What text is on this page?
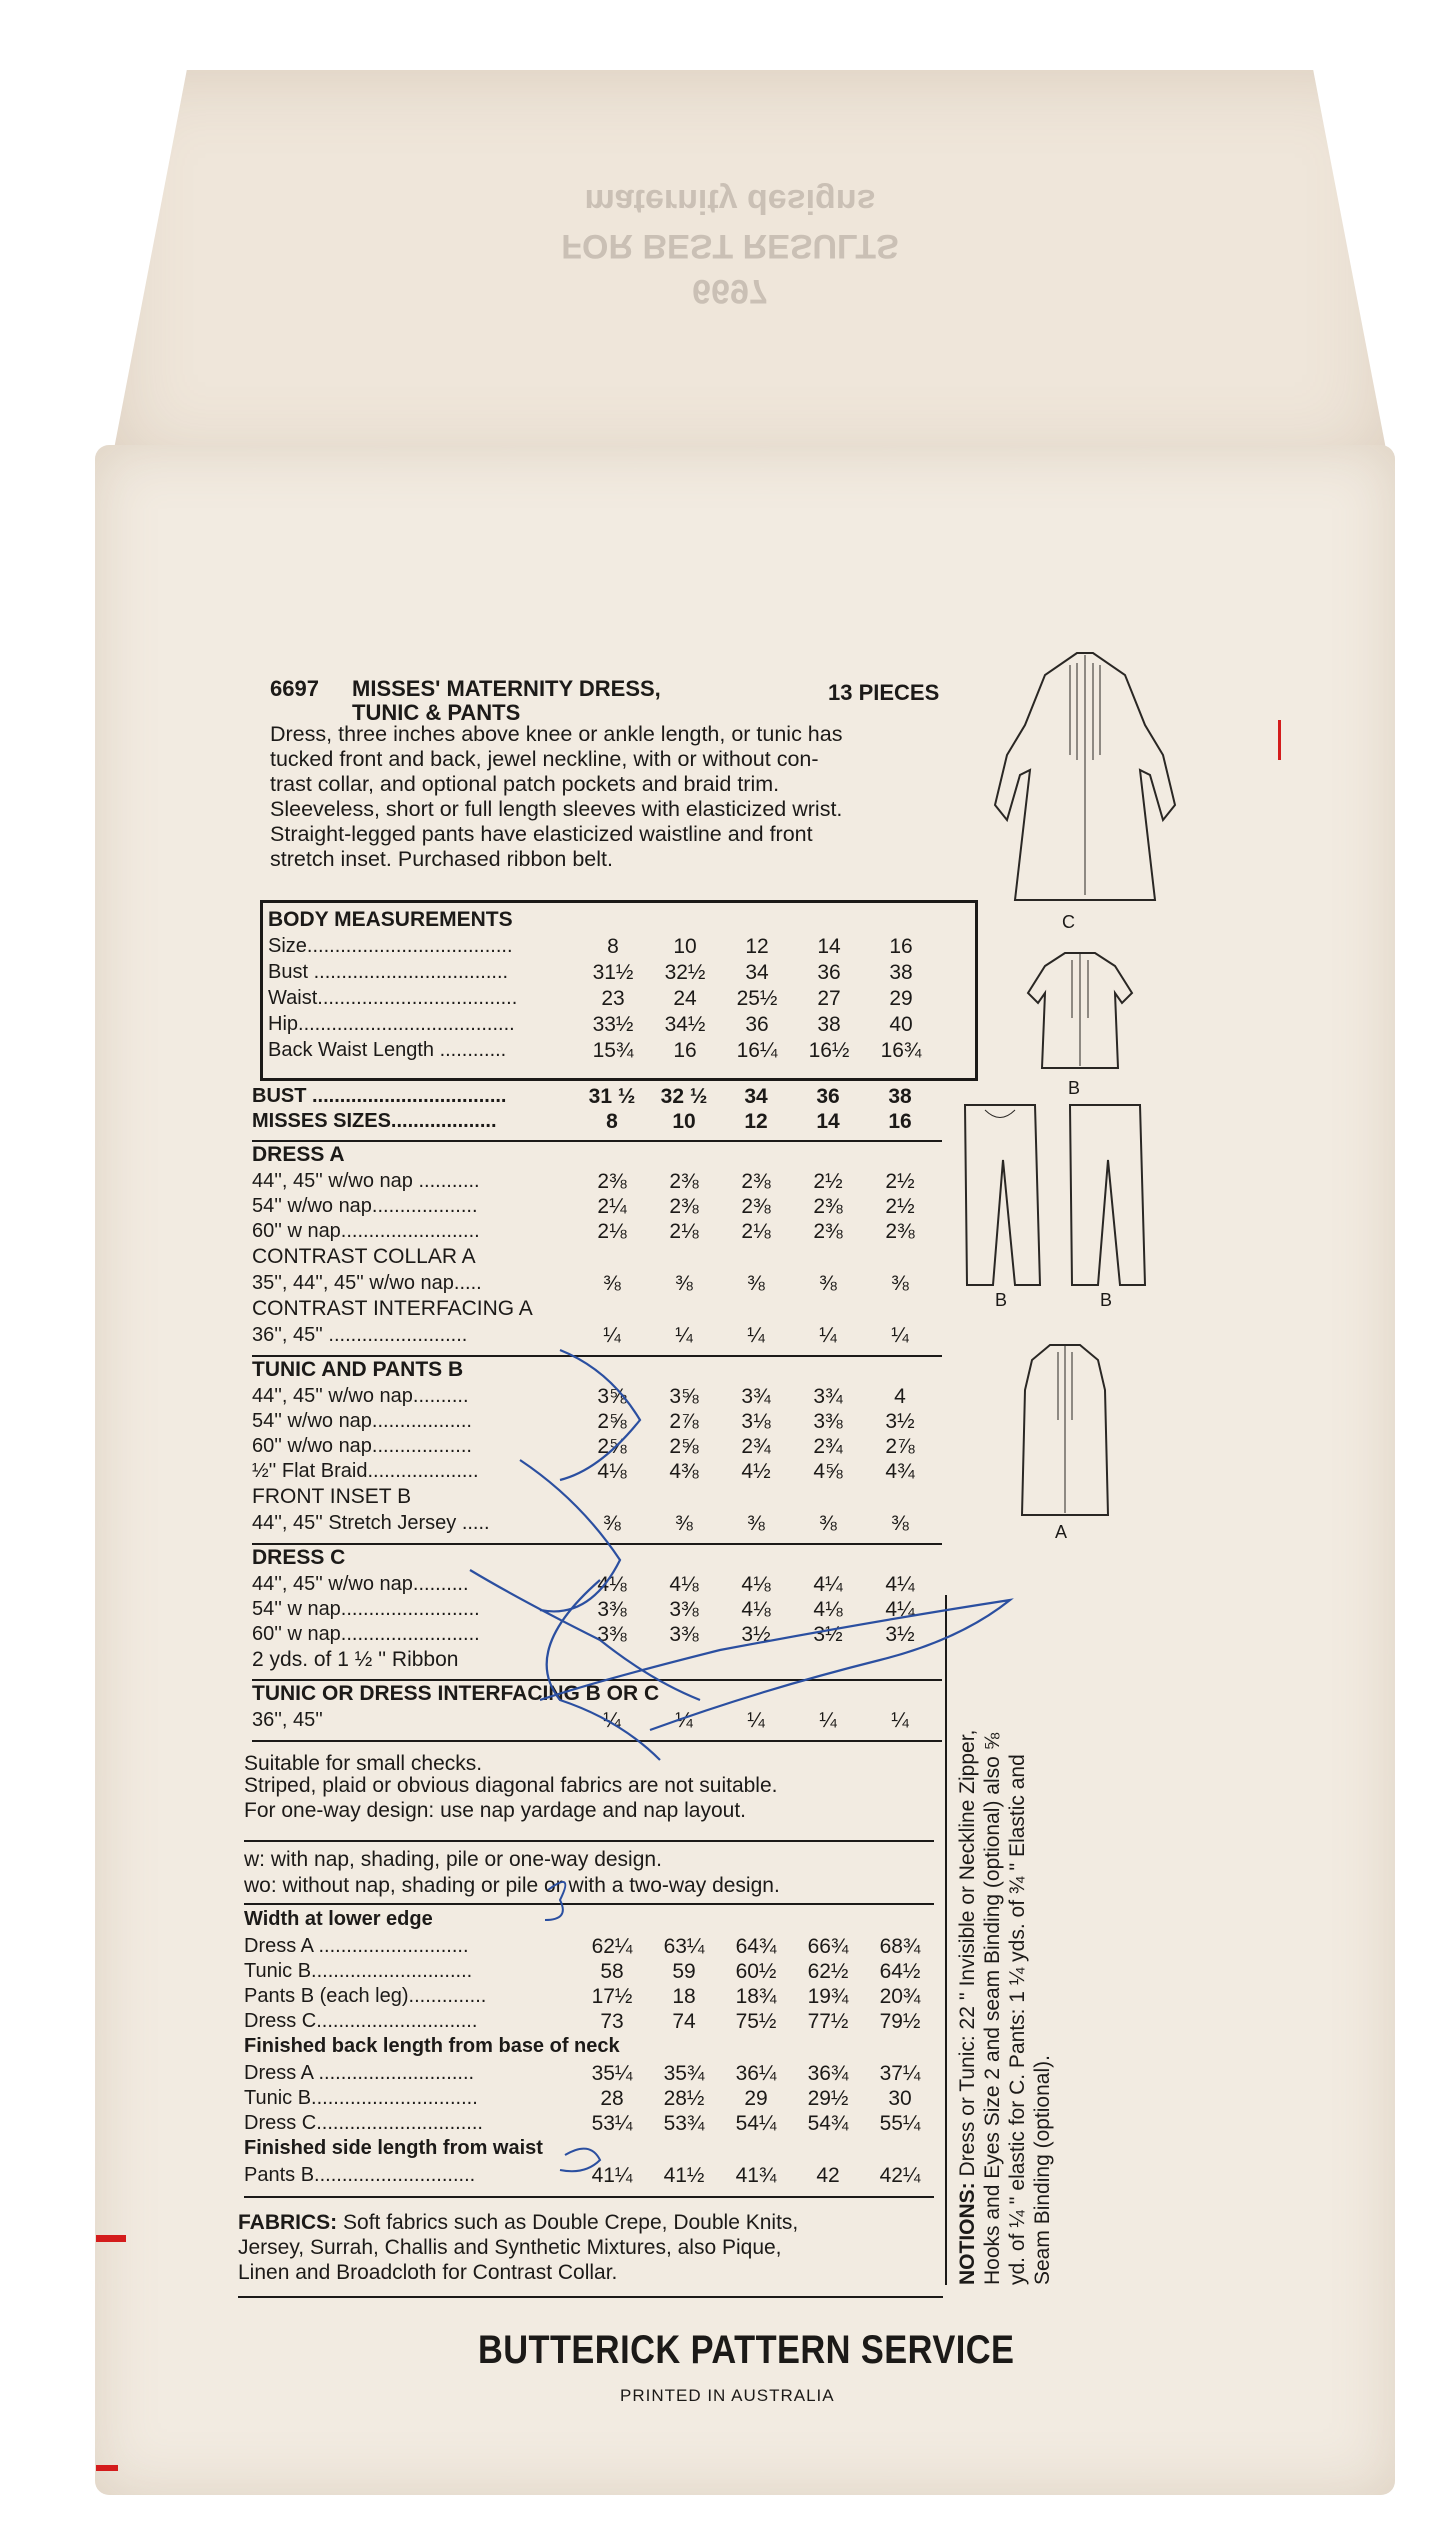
6697
FOR BEST RESULTS
maternity designs
6697 MISSES' MATERNITY DRESS,
TUNIC & PANTS
13 PIECES
Dress, three inches above knee or ankle length, or tunic has
tucked front and back, jewel neckline, with or without con-
trast collar, and optional patch pockets and braid trim.
Sleeveless, short or full length sleeves with elasticized wrist.
Straight-legged pants have elasticized waistline and front
stretch inset. Purchased ribbon belt.
BODY MEASUREMENTS
Size.....................................	8	10	12	14	16
Bust ...................................	31½	32½	34	36	38
Waist....................................	23	24	25½	27	29
Hip.......................................	33½	34½	36	38	40
Back Waist Length ............	15¾	16	16¼	16½	16¾
BUST ...................................	31 ½	32 ½	34	36	38
MISSES SIZES...................	8	10	12	14	16
DRESS A
44'', 45'' w/wo nap ...........	2⅜	2⅜	2⅜	2½	2½
54'' w/wo nap...................	2¼	2⅜	2⅜	2⅜	2½
60'' w nap.........................	2⅛	2⅛	2⅛	2⅜	2⅜
CONTRAST COLLAR A
35'', 44'', 45'' w/wo nap.....	⅜	⅜	⅜	⅜	⅜
CONTRAST INTERFACING A
36'', 45'' .........................	¼	¼	¼	¼	¼
TUNIC AND PANTS B
44'', 45'' w/wo nap..........	3⅝	3⅝	3¾	3¾	4
54'' w/wo nap..................	2⅝	2⅞	3⅛	3⅜	3½
60'' w/wo nap..................	2⅝	2⅝	2¾	2¾	2⅞
½'' Flat Braid....................	4⅛	4⅜	4½	4⅝	4¾
FRONT INSET B
44'', 45'' Stretch Jersey .....	⅜	⅜	⅜	⅜	⅜
DRESS C
44'', 45'' w/wo nap..........	4⅛	4⅛	4⅛	4¼	4¼
54'' w nap.........................	3⅜	3⅜	4⅛	4⅛	4¼
60'' w nap.........................	3⅜	3⅜	3½	3½	3½
2 yds. of 1 ½ '' Ribbon
TUNIC OR DRESS INTERFACING B OR C
36'', 45''	¼	¼	¼	¼	¼
Suitable for small checks.
Striped, plaid or obvious diagonal fabrics are not suitable.
For one-way design: use nap yardage and nap layout.
w: with nap, shading, pile or one-way design.
wo: without nap, shading or pile or with a two-way design.
Width at lower edge
Dress A ...........................	62¼	63¼	64¾	66¾	68¾
Tunic B.............................	58	59	60½	62½	64½
Pants B (each leg)..............	17½	18	18¾	19¾	20¾
Dress C.............................	73	74	75½	77½	79½
Finished back length from base of neck
Dress A ............................	35¼	35¾	36¼	36¾	37¼
Tunic B..............................	28	28½	29	29½	30
Dress C..............................	53¼	53¾	54¼	54¾	55¼
Finished side length from waist
Pants B.............................	41¼	41½	41¾	42	42¼
C
B
B	B
A
NOTIONS: Dress or Tunic: 22 '' Invisible or Neckline Zipper, Hooks and Eyes Size 2 and seam Binding (optional) also ⅝ yd. of ¼ '' elastic for C. Pants: 1 ¼ yds. of ¾ '' Elastic and Seam Binding (optional).
FABRICS: Soft fabrics such as Double Crepe, Double Knits,
Jersey, Surrah, Challis and Synthetic Mixtures, also Pique,
Linen and Broadcloth for Contrast Collar.
BUTTERICK PATTERN SERVICE
PRINTED IN AUSTRALIA
